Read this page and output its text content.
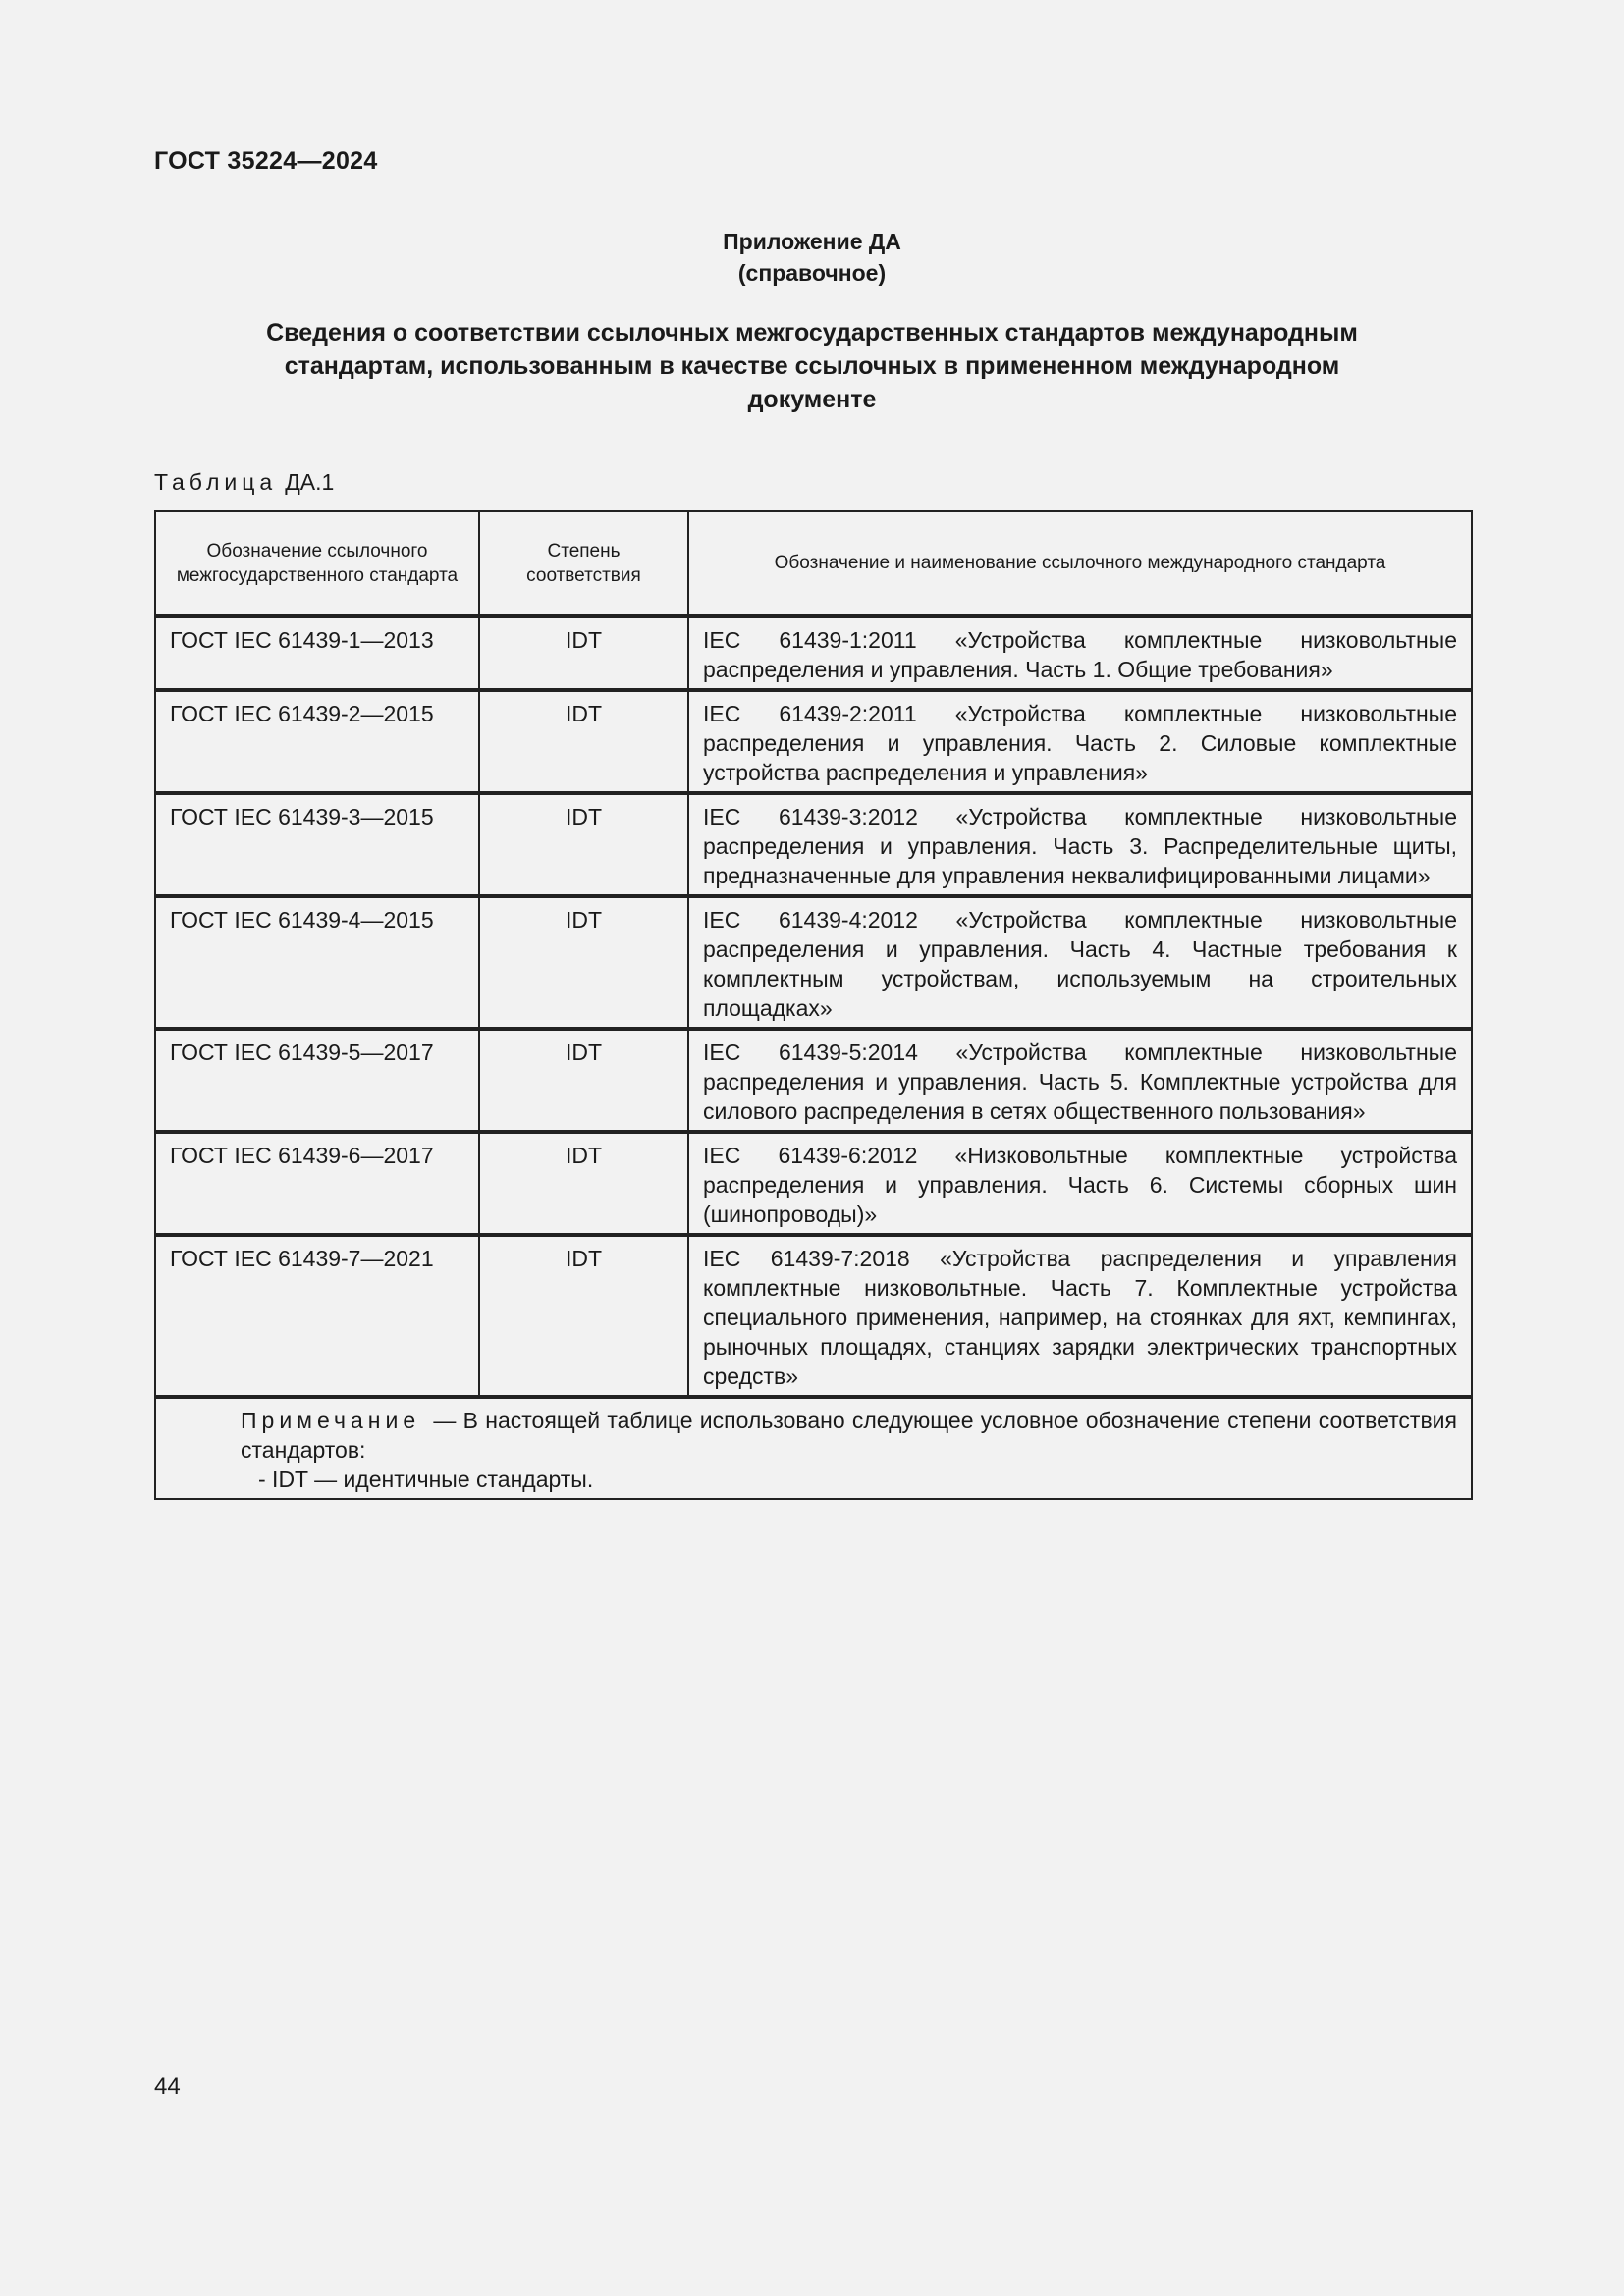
ГОСТ 35224—2024
Приложение ДА
(справочное)
Сведения о соответствии ссылочных межгосударственных стандартов международным
стандартам, использованным в качестве ссылочных в примененном международном
документе
Таблица ДА.1
Обозначение ссылочного межгосударственного стандарта	Степень соответствия	Обозначение и наименование ссылочного международного стандарта
ГОСТ IEC 61439-1—2013	IDT	IEC 61439-1:2011 «Устройства комплектные низковольтные распределения и управления. Часть 1. Общие требования»
ГОСТ IEC 61439-2—2015	IDT	IEC 61439-2:2011 «Устройства комплектные низковольтные распределения и управления. Часть 2. Силовые комплектные устройства распределения и управления»
ГОСТ IEC 61439-3—2015	IDT	IEC 61439-3:2012 «Устройства комплектные низковольтные распределения и управления. Часть 3. Распределительные щиты, предназначенные для управления неквалифицированными лицами»
ГОСТ IEC 61439-4—2015	IDT	IEC 61439-4:2012 «Устройства комплектные низковольтные распределения и управления. Часть 4. Частные требования к комплектным устройствам, используемым на строительных площадках»
ГОСТ IEC 61439-5—2017	IDT	IEC 61439-5:2014 «Устройства комплектные низковольтные распределения и управления. Часть 5. Комплектные устройства для силового распределения в сетях общественного пользования»
ГОСТ IEC 61439-6—2017	IDT	IEC 61439-6:2012 «Низковольтные комплектные устройства распределения и управления. Часть 6. Системы сборных шин (шинопроводы)»
ГОСТ IEC 61439-7—2021	IDT	IEC 61439-7:2018 «Устройства распределения и управления комплектные низковольтные. Часть 7. Комплектные устройства специального применения, например, на стоянках для яхт, кемпингах, рыночных площадях, станциях зарядки электрических транспортных средств»

Примечание — В настоящей таблице использовано следующее условное обозначение степени соответствия стандартов:
- IDT — идентичные стандарты.		
44
